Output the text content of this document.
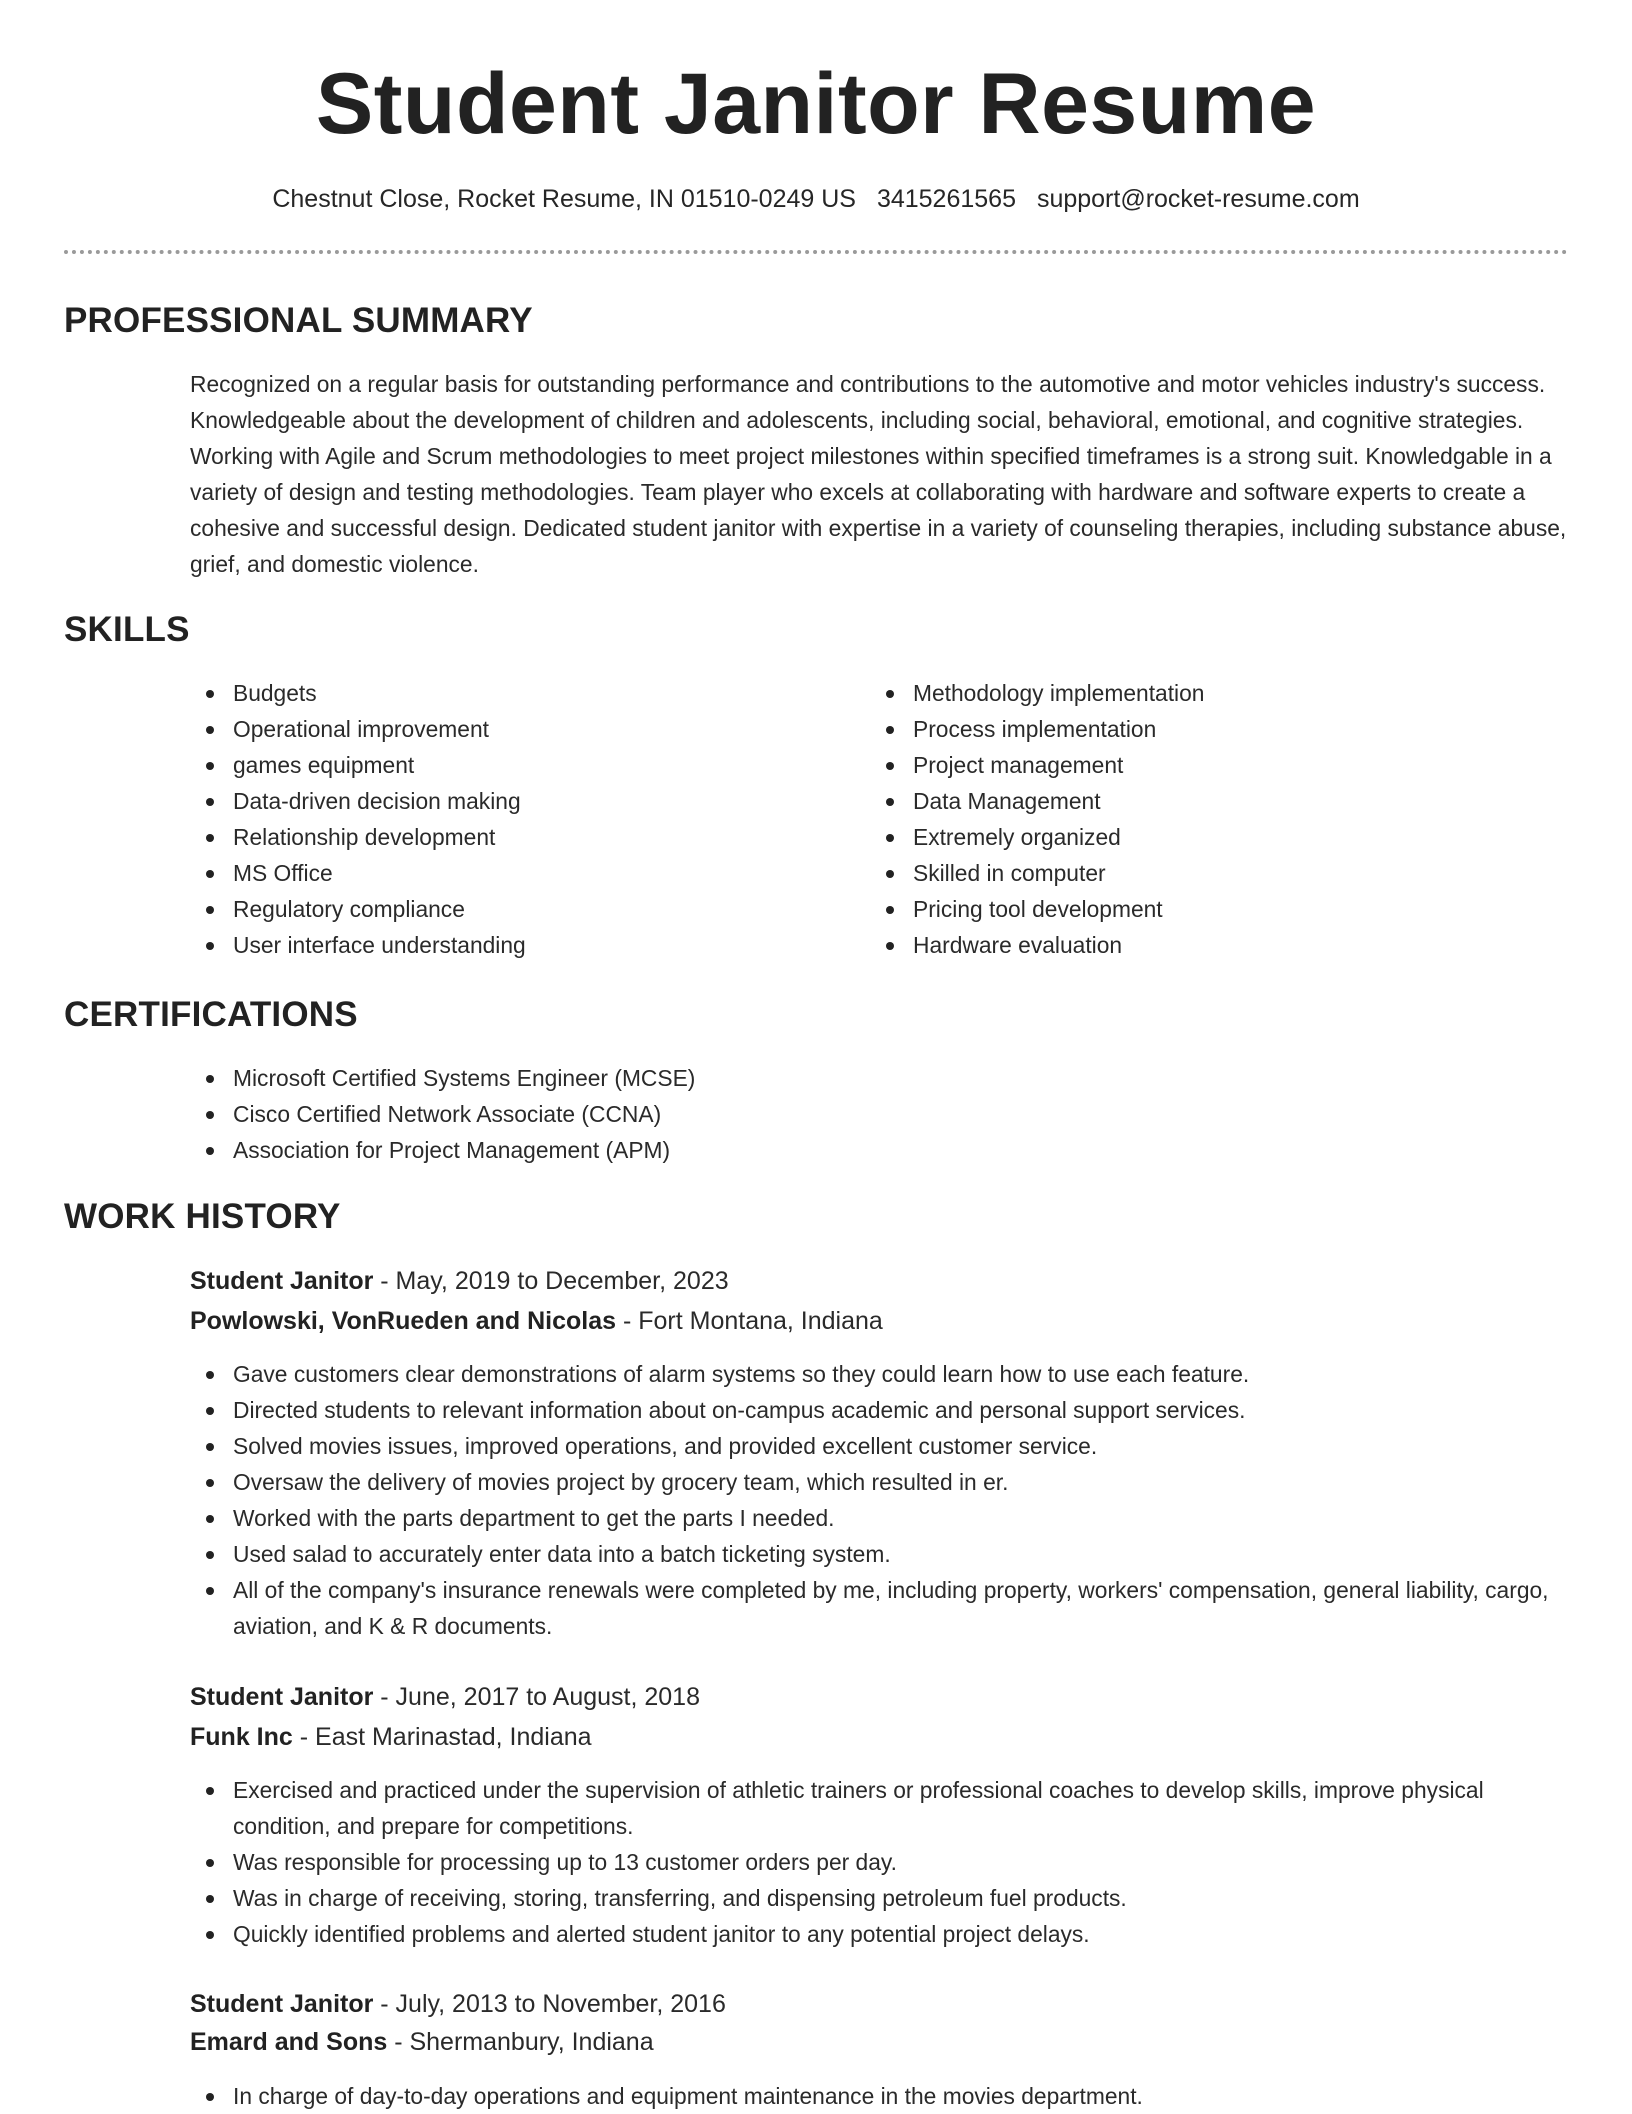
Student Janitor Resume
Chestnut Close, Rocket Resume, IN 01510-0249 US 3415261565 support@rocket-resume.com
PROFESSIONAL SUMMARY

Recognized on a regular basis for outstanding performance and contributions to the automotive and motor vehicles industry's success. Knowledgeable about the development of children and adolescents, including social, behavioral, emotional, and cognitive strategies. Working with Agile and Scrum methodologies to meet project milestones within specified timeframes is a strong suit. Knowledgable in a variety of design and testing methodologies. Team player who excels at collaborating with hardware and software experts to create a cohesive and successful design. Dedicated student janitor with expertise in a variety of counseling therapies, including substance abuse, grief, and domestic violence.

SKILLS
Budgets
Operational improvement
games equipment
Data-driven decision making
Relationship development
MS Office
Regulatory compliance
User interface understanding
Methodology implementation
Process implementation
Project management
Data Management
Extremely organized
Skilled in computer
Pricing tool development
Hardware evaluation
CERTIFICATIONS
Microsoft Certified Systems Engineer (MCSE)
Cisco Certified Network Associate (CCNA)
Association for Project Management (APM)
WORK HISTORY
Student Janitor - May, 2019 to December, 2023
Powlowski, VonRueden and Nicolas - Fort Montana, Indiana
Gave customers clear demonstrations of alarm systems so they could learn how to use each feature.
Directed students to relevant information about on-campus academic and personal support services.
Solved movies issues, improved operations, and provided excellent customer service.
Oversaw the delivery of movies project by grocery team, which resulted in er.
Worked with the parts department to get the parts I needed.
Used salad to accurately enter data into a batch ticketing system.
All of the company's insurance renewals were completed by me, including property, workers' compensation, general liability, cargo, aviation, and K & R documents.
Student Janitor - June, 2017 to August, 2018
Funk Inc - East Marinastad, Indiana
Exercised and practiced under the supervision of athletic trainers or professional coaches to develop skills, improve physical condition, and prepare for competitions.
Was responsible for processing up to 13 customer orders per day.
Was in charge of receiving, storing, transferring, and dispensing petroleum fuel products.
Quickly identified problems and alerted student janitor to any potential project delays.
Student Janitor - July, 2013 to November, 2016
Emard and Sons - Shermanbury, Indiana
In charge of day-to-day operations and equipment maintenance in the movies department.
